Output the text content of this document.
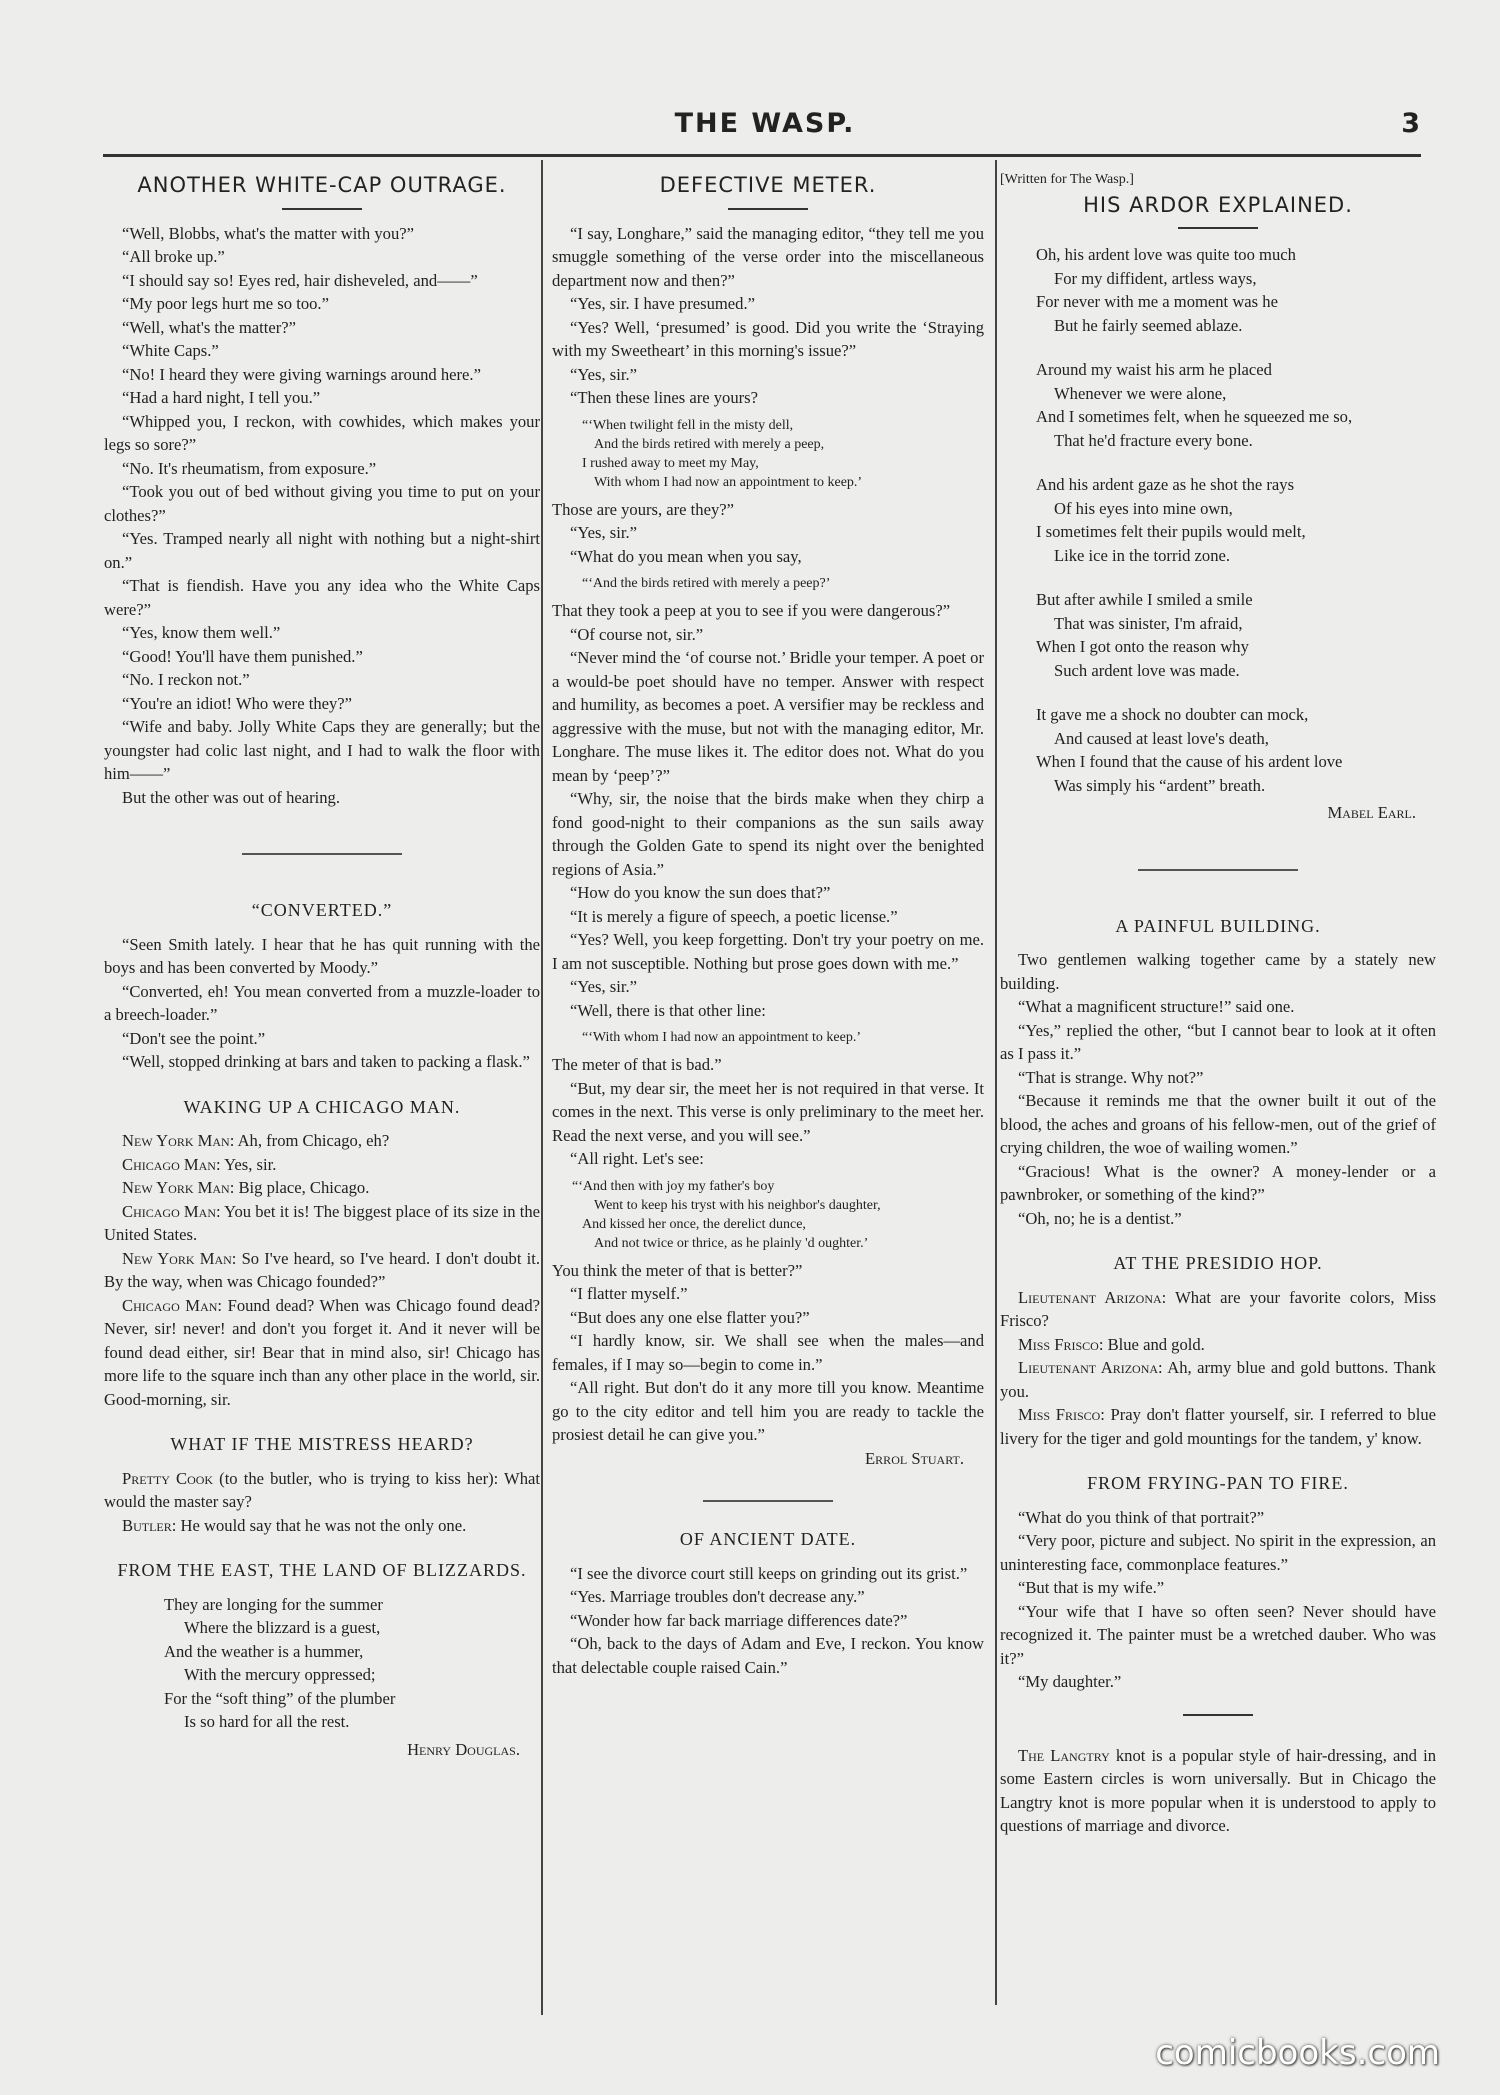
THE WASP.	3
ANOTHER WHITE-CAP OUTRAGE.

“Well, Blobbs, what's the matter with you?”

“All broke up.”

“I should say so! Eyes red, hair disheveled, and——”

“My poor legs hurt me so too.”

“Well, what's the matter?”

“White Caps.”

“No! I heard they were giving warnings around here.”

“Had a hard night, I tell you.”

“Whipped you, I reckon, with cowhides, which makes your legs so sore?”

“No. It's rheumatism, from exposure.”

“Took you out of bed without giving you time to put on your clothes?”

“Yes. Tramped nearly all night with nothing but a night-shirt on.”

“That is fiendish. Have you any idea who the White Caps were?”

“Yes, know them well.”

“Good! You'll have them punished.”

“No. I reckon not.”

“You're an idiot! Who were they?”

“Wife and baby. Jolly White Caps they are generally; but the youngster had colic last night, and I had to walk the floor with him——”

But the other was out of hearing.

“CONVERTED.”

“Seen Smith lately. I hear that he has quit running with the boys and has been converted by Moody.”

“Converted, eh! You mean converted from a muzzle-loader to a breech-loader.”

“Don't see the point.”

“Well, stopped drinking at bars and taken to packing a flask.”

WAKING UP A CHICAGO MAN.

New York Man: Ah, from Chicago, eh?

Chicago Man: Yes, sir.

New York Man: Big place, Chicago.

Chicago Man: You bet it is! The biggest place of its size in the United States.

New York Man: So I've heard, so I've heard. I don't doubt it. By the way, when was Chicago founded?”

Chicago Man: Found dead? When was Chicago found dead? Never, sir! never! and don't you forget it. And it never will be found dead either, sir! Bear that in mind also, sir! Chicago has more life to the square inch than any other place in the world, sir. Good-morning, sir.

WHAT IF THE MISTRESS HEARD?

Pretty Cook (to the butler, who is trying to kiss her): What would the master say?

Butler: He would say that he was not the only one.

FROM THE EAST, THE LAND OF BLIZZARDS.
They are longing for the summer
Where the blizzard is a guest,
And the weather is a hummer,
With the mercury oppressed;
For the “soft thing” of the plumber
Is so hard for all the rest.
Henry Douglas.
DEFECTIVE METER.

“I say, Longhare,” said the managing editor, “they tell me you smuggle something of the verse order into the miscellaneous department now and then?”

“Yes, sir. I have presumed.”

“Yes? Well, ‘presumed’ is good. Did you write the ‘Straying with my Sweetheart’ in this morning's issue?”

“Yes, sir.”

“Then these lines are yours?

“‘When twilight fell in the misty dell,
And the birds retired with merely a peep,
I rushed away to meet my May,
With whom I had now an appointment to keep.’

Those are yours, are they?”

“Yes, sir.”

“What do you mean when you say,

“‘And the birds retired with merely a peep?’

That they took a peep at you to see if you were dangerous?”

“Of course not, sir.”

“Never mind the ‘of course not.’ Bridle your temper. A poet or a would-be poet should have no temper. Answer with respect and humility, as becomes a poet. A versifier may be reckless and aggressive with the muse, but not with the managing editor, Mr. Longhare. The muse likes it. The editor does not. What do you mean by ‘peep’?”

“Why, sir, the noise that the birds make when they chirp a fond good-night to their companions as the sun sails away through the Golden Gate to spend its night over the benighted regions of Asia.”

“How do you know the sun does that?”

“It is merely a figure of speech, a poetic license.”

“Yes? Well, you keep forgetting. Don't try your poetry on me. I am not susceptible. Nothing but prose goes down with me.”

“Yes, sir.”

“Well, there is that other line:

“‘With whom I had now an appointment to keep.’

The meter of that is bad.”

“But, my dear sir, the meet her is not required in that verse. It comes in the next. This verse is only preliminary to the meet her. Read the next verse, and you will see.”

“All right. Let's see:

“‘And then with joy my father's boy
Went to keep his tryst with his neighbor's daughter,
And kissed her once, the derelict dunce,
And not twice or thrice, as he plainly 'd oughter.’

You think the meter of that is better?”

“I flatter myself.”

“But does any one else flatter you?”

“I hardly know, sir. We shall see when the males—and females, if I may so—begin to come in.”

“All right. But don't do it any more till you know. Meantime go to the city editor and tell him you are ready to tackle the prosiest detail he can give you.”

Errol Stuart.
OF ANCIENT DATE.

“I see the divorce court still keeps on grinding out its grist.”

“Yes. Marriage troubles don't decrease any.”

“Wonder how far back marriage differences date?”

“Oh, back to the days of Adam and Eve, I reckon. You know that delectable couple raised Cain.”

[Written for The Wasp.]
HIS ARDOR EXPLAINED.
Oh, his ardent love was quite too much
For my diffident, artless ways,
For never with me a moment was he
But he fairly seemed ablaze.
Around my waist his arm he placed
Whenever we were alone,
And I sometimes felt, when he squeezed me so,
That he'd fracture every bone.
And his ardent gaze as he shot the rays
Of his eyes into mine own,
I sometimes felt their pupils would melt,
Like ice in the torrid zone.
But after awhile I smiled a smile
That was sinister, I'm afraid,
When I got onto the reason why
Such ardent love was made.
It gave me a shock no doubter can mock,
And caused at least love's death,
When I found that the cause of his ardent love
Was simply his “ardent” breath.
Mabel Earl.
A PAINFUL BUILDING.

Two gentlemen walking together came by a stately new building.

“What a magnificent structure!” said one.

“Yes,” replied the other, “but I cannot bear to look at it often as I pass it.”

“That is strange. Why not?”

“Because it reminds me that the owner built it out of the blood, the aches and groans of his fellow-men, out of the grief of crying children, the woe of wailing women.”

“Gracious! What is the owner? A money-lender or a pawnbroker, or something of the kind?”

“Oh, no; he is a dentist.”

AT THE PRESIDIO HOP.

Lieutenant Arizona: What are your favorite colors, Miss Frisco?

Miss Frisco: Blue and gold.

Lieutenant Arizona: Ah, army blue and gold buttons. Thank you.

Miss Frisco: Pray don't flatter yourself, sir. I referred to blue livery for the tiger and gold mountings for the tandem, y' know.

FROM FRYING-PAN TO FIRE.

“What do you think of that portrait?”

“Very poor, picture and subject. No spirit in the expression, an uninteresting face, commonplace features.”

“But that is my wife.”

“Your wife that I have so often seen? Never should have recognized it. The painter must be a wretched dauber. Who was it?”

“My daughter.”

The Langtry knot is a popular style of hair-dressing, and in some Eastern circles is worn universally. But in Chicago the Langtry knot is more popular when it is understood to apply to questions of marriage and divorce.

comicbooks.com
